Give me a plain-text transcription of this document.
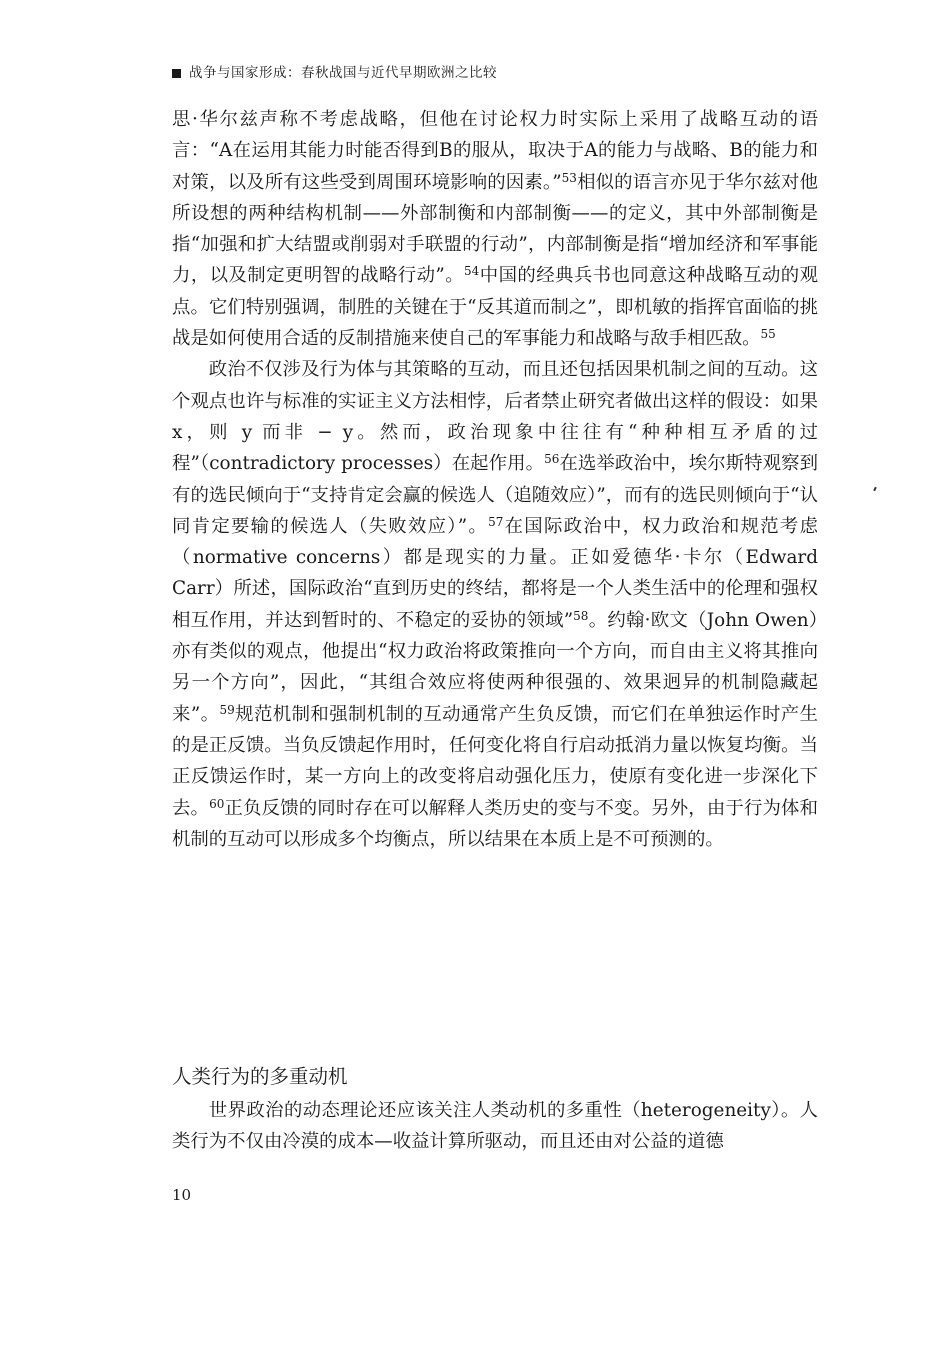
战争与国家形成：春秋战国与近代早期欧洲之比较

思·华尔兹声称不考虑战略，但他在讨论权力时实际上采用了战略互动的语言：“A在运用其能力时能否得到B的服从，取决于A的能力与战略、B的能力和对策，以及所有这些受到周围环境影响的因素。”$^{53}$相似的语言亦见于华尔兹对他所设想的两种结构机制——外部制衡和内部制衡——的定义，其中外部制衡是指“加强和扩大结盟或削弱对手联盟的行动”，内部制衡是指“增加经济和军事能力，以及制定更明智的战略行动”。$^{54}$中国的经典兵书也同意这种战略互动的观点。它们特别强调，制胜的关键在于“反其道而制之”，即机敏的指挥官面临的挑战是如何使用合适的反制措施来使自己的军事能力和战略与敌手相匹敌。$^{55}$

政治不仅涉及行为体与其策略的互动，而且还包括因果机制之间的互动。这个观点也许与标准的实证主义方法相悖，后者禁止研究者做出这样的假设：如果 x，则 y 而非 − y。然而，政治现象中往往有“种种相互矛盾的过程”（contradictory processes）在起作用。$^{56}$在选举政治中，埃尔斯特观察到有的选民倾向于“支持肯定会赢的候选人（追随效应）”，而有的选民则倾向于“认同肯定要输的候选人（失败效应）”。$^{57}$在国际政治中，权力政治和规范考虑（normative concerns）都是现实的力量。正如爱德华·卡尔（Edward Carr）所述，国际政治“直到历史的终结，都将是一个人类生活中的伦理和强权相互作用，并达到暂时的、不稳定的妥协的领域”$^{58}$。约翰·欧文（John Owen）亦有类似的观点，他提出“权力政治将政策推向一个方向，而自由主义将其推向另一个方向”，因此，“其组合效应将使两种很强的、效果迥异的机制隐藏起来”。$^{59}$规范机制和强制机制的互动通常产生负反馈，而它们在单独运作时产生的是正反馈。当负反馈起作用时，任何变化将自行启动抵消力量以恢复均衡。当正反馈运作时，某一方向上的改变将启动强化压力，使原有变化进一步深化下去。$^{60}$正负反馈的同时存在可以解释人类历史的变与不变。另外，由于行为体和机制的互动可以形成多个均衡点，所以结果在本质上是不可预测的。

人类行为的多重动机

世界政治的动态理论还应该关注人类动机的多重性（heterogeneity）。人类行为不仅由冷漠的成本—收益计算所驱动，而且还由对公益的道德

10
